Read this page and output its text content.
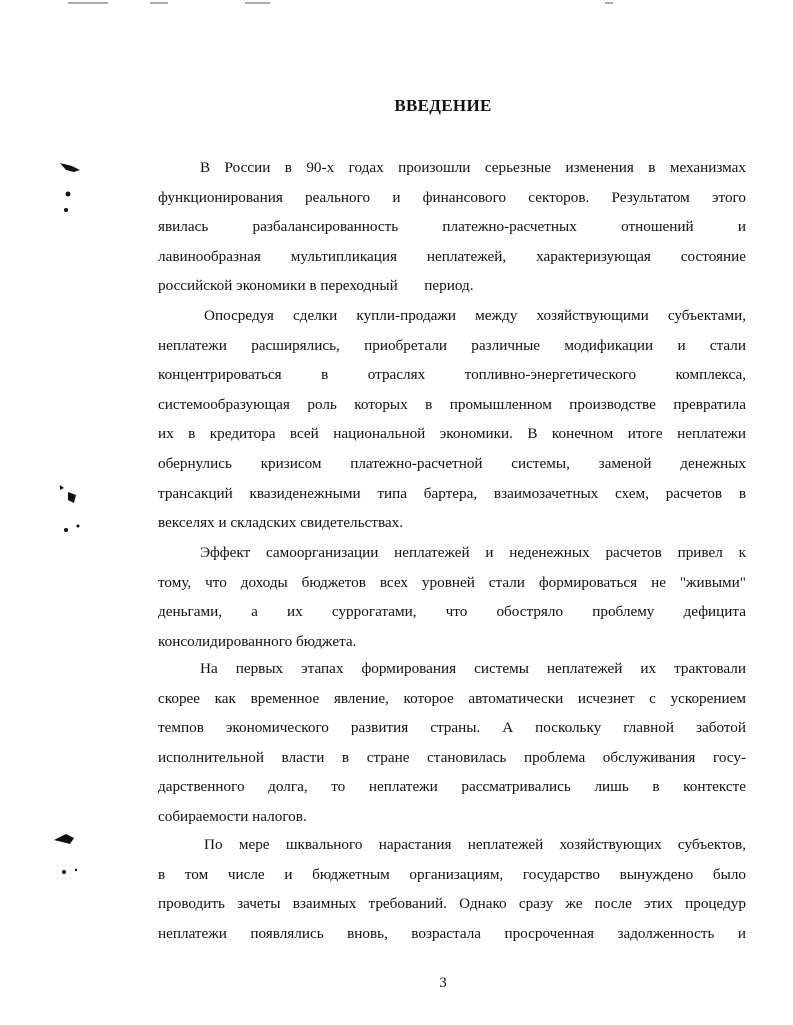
ВВЕДЕНИЕ
В России в 90-х годах произошли серьезные изменения в механизмах
функционирования реального и финансового секторов. Результатом этого
явилась разбалансированность платежно-расчетных отношений и
лавинообразная мультипликация неплатежей, характеризующая состояние
российской экономики в переходный       период.
Опосредуя сделки купли-продажи между хозяйствующими субъектами,
неплатежи расширялись, приобретали различные модификации и стали
концентрироваться в отраслях топливно-энергетического комплекса,
системообразующая роль которых в промышленном производстве превратила
их в кредитора всей национальной экономики. В конечном итоге неплатежи
обернулись кризисом платежно-расчетной системы, заменой денежных
трансакций квазиденежными типа бартера, взаимозачетных схем, расчетов в
векселях и складских свидетельствах.
Эффект самоорганизации неплатежей и неденежных расчетов привел к
тому, что доходы бюджетов всех уровней стали формироваться не "живыми"
деньгами, а их суррогатами, что обостряло проблему дефицита
консолидированного бюджета.
На первых этапах формирования системы неплатежей их трактовали
скорее как временное явление, которое автоматически исчезнет с ускорением
темпов экономического развития страны. А поскольку главной заботой
исполнительной власти в стране становилась проблема обслуживания госу-
дарственного долга, то неплатежи рассматривались лишь в контексте
собираемости налогов.
По мере шквального нарастания неплатежей хозяйствующих субъектов,
в том числе и бюджетным организациям, государство вынуждено было
проводить зачеты взаимных требований. Однако сразу же после этих процедур
неплатежи появлялись вновь, возрастала просроченная задолженность и
3
